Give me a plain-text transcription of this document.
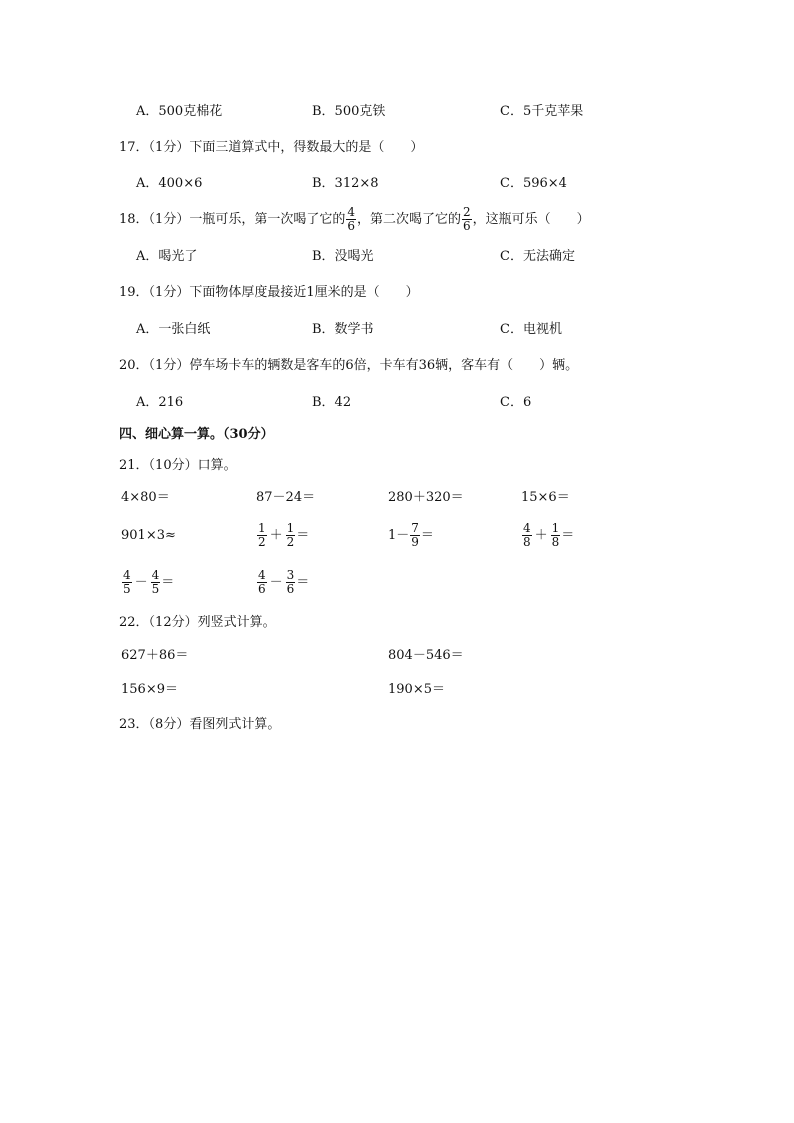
A．500克棉花	B．500克铁	C．5千克苹果
17．（1分）下面三道算式中，得数最大的是（　　）
A．400×6	B．312×8	C．596×4
18．（1分）一瓶可乐，第一次喝了它的 $\frac{4}{6}$ ，第二次喝了它的 $\frac{2}{6}$ ，这瓶可乐（　　）
A．喝光了	B．没喝光	C．无法确定
19．（1分）下面物体厚度最接近1厘米的是（　　）
A．一张白纸	B．数学书	C．电视机
20．（1分）停车场卡车的辆数是客车的6倍，卡车有36辆，客车有（　　）辆。
A．216	B．42	C．6
四、细心算一算。（30分）
21．（10分）口算。
4×80＝	87－24＝	280＋320＝	15×6＝
901×3≈	$\frac{1}{2} + \frac{1}{2}$ ＝	$1- \frac{7}{9}$ ＝	$\frac{4}{8} + \frac{1}{8}$ ＝
$\frac{4}{5} - \frac{4}{5}$ ＝	$\frac{4}{6} - \frac{3}{6}$ ＝
22．（12分）列竖式计算。
627＋86＝	804－546＝
156×9＝	190×5＝
23．（8分）看图列式计算。
